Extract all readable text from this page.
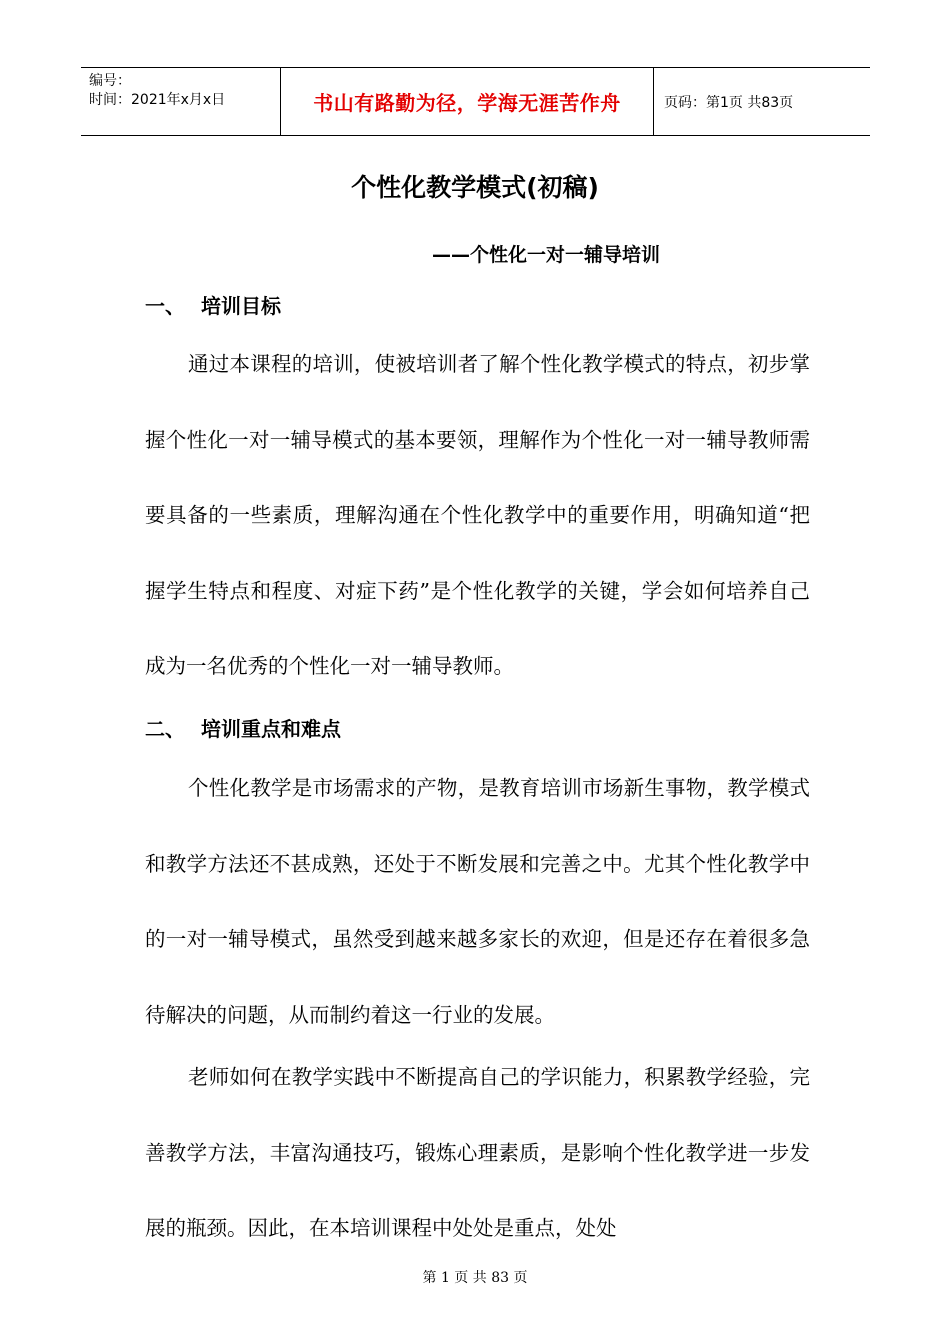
编号：
时间：2021年x月x日	书山有路勤为径，学海无涯苦作舟	页码：第1页 共83页
个性化教学模式(初稿)
——个性化一对一辅导培训
一、 培训目标

通过本课程的培训，使被培训者了解个性化教学模式的特点，初步掌握个性化一对一辅导模式的基本要领，理解作为个性化一对一辅导教师需要具备的一些素质，理解沟通在个性化教学中的重要作用，明确知道“把握学生特点和程度、对症下药”是个性化教学的关键，学会如何培养自己成为一名优秀的个性化一对一辅导教师。

二、 培训重点和难点

个性化教学是市场需求的产物，是教育培训市场新生事物，教学模式和教学方法还不甚成熟，还处于不断发展和完善之中。尤其个性化教学中的一对一辅导模式，虽然受到越来越多家长的欢迎，但是还存在着很多急待解决的问题，从而制约着这一行业的发展。

老师如何在教学实践中不断提高自己的学识能力，积累教学经验，完善教学方法，丰富沟通技巧，锻炼心理素质，是影响个性化教学进一步发展的瓶颈。因此，在本培训课程中处处是重点，处处

第 1 页 共 83 页
